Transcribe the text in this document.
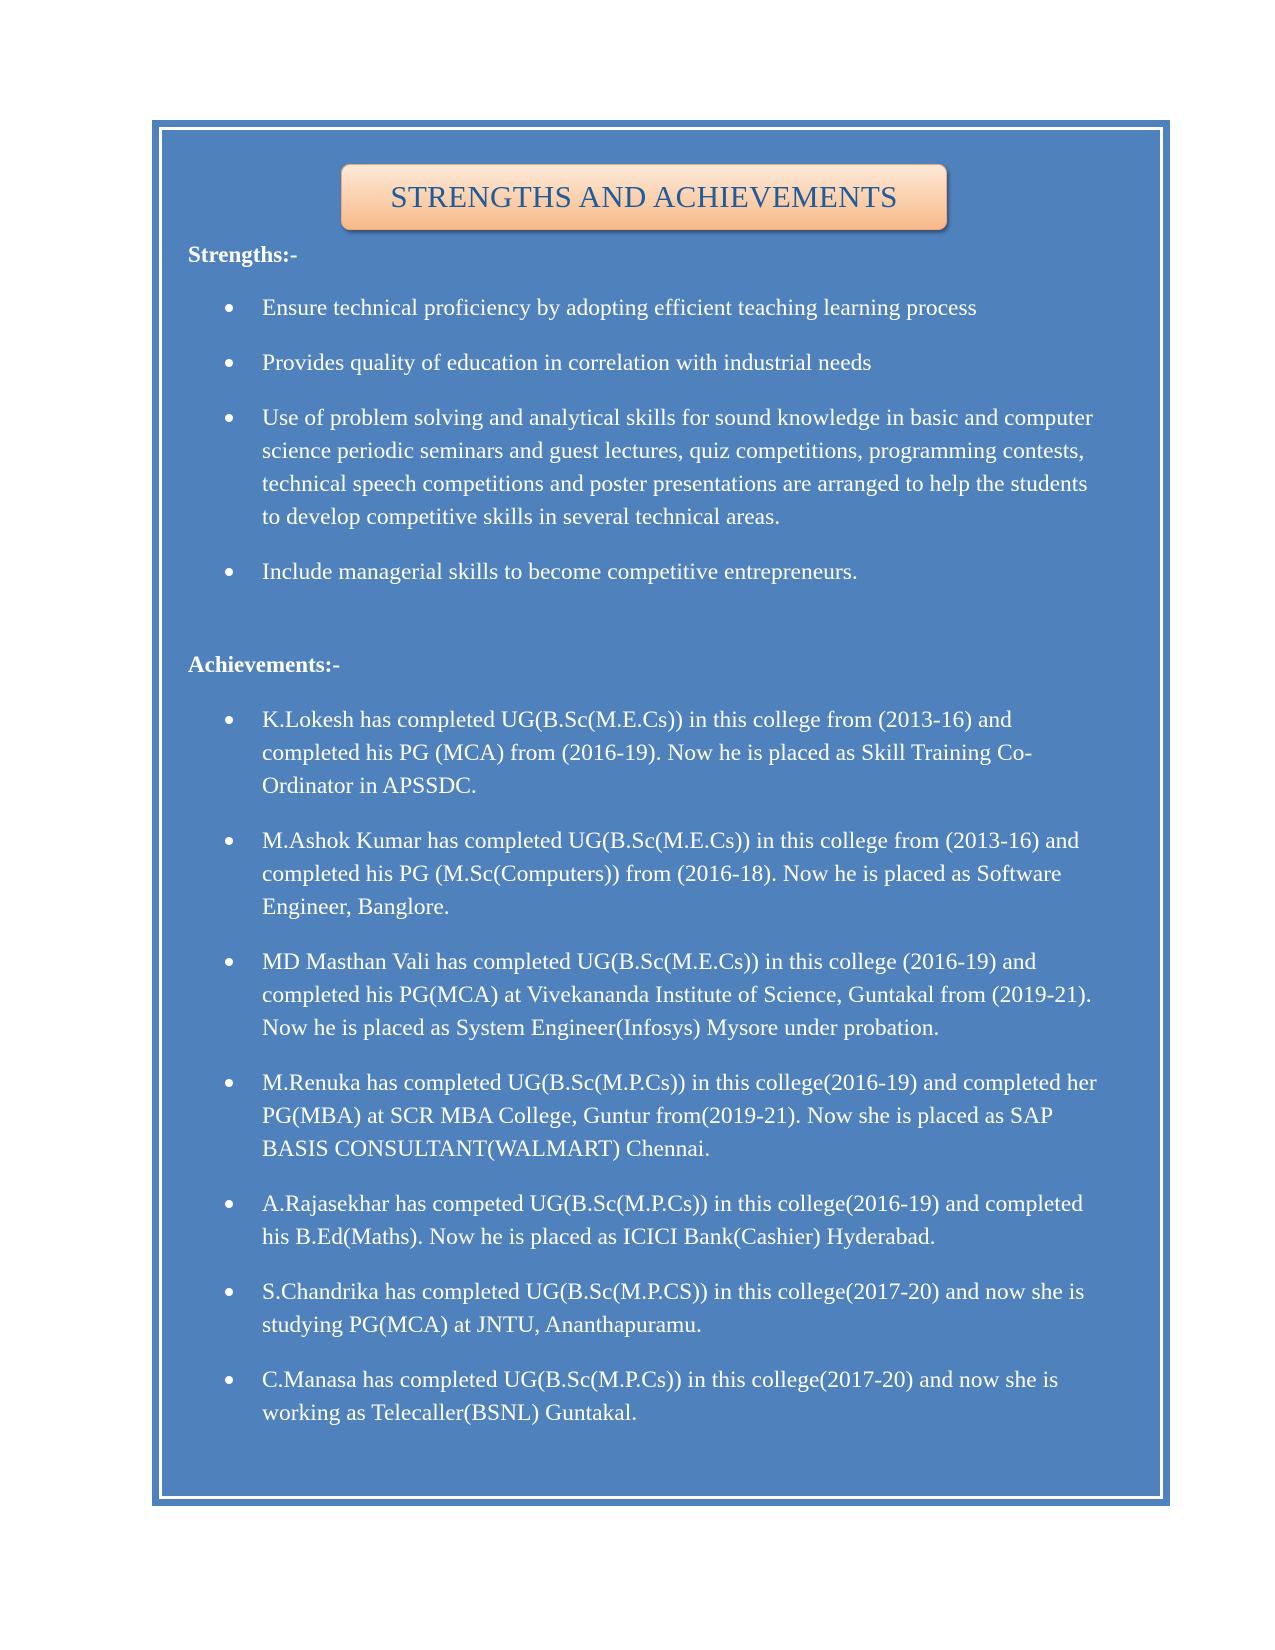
STRENGTHS AND ACHIEVEMENTS
Strengths:-
Ensure technical proficiency by adopting efficient teaching learning process
Provides quality of education in correlation with industrial needs
Use of problem solving and analytical skills for sound knowledge in basic and computer science periodic seminars and guest lectures, quiz competitions, programming contests, technical speech competitions and poster presentations are arranged to help the students to develop competitive skills in several technical areas.
Include managerial skills to become competitive entrepreneurs.
Achievements:-
K.Lokesh has completed UG(B.Sc(M.E.Cs)) in this college from (2013-16) and completed his PG (MCA) from (2016-19). Now he is placed as Skill Training Co-Ordinator in APSSDC.
M.Ashok Kumar has completed UG(B.Sc(M.E.Cs)) in this college from (2013-16) and completed his PG (M.Sc(Computers)) from (2016-18). Now he is placed as Software Engineer, Banglore.
MD Masthan Vali has completed UG(B.Sc(M.E.Cs)) in this college (2016-19) and completed his PG(MCA) at Vivekananda Institute of Science, Guntakal from (2019-21). Now he is placed as System Engineer(Infosys) Mysore under probation.
M.Renuka has completed UG(B.Sc(M.P.Cs)) in this college(2016-19) and completed her PG(MBA) at SCR MBA College, Guntur from(2019-21). Now she is placed as SAP BASIS CONSULTANT(WALMART) Chennai.
A.Rajasekhar has competed UG(B.Sc(M.P.Cs)) in this college(2016-19) and completed his B.Ed(Maths). Now he is placed as ICICI Bank(Cashier) Hyderabad.
S.Chandrika has completed UG(B.Sc(M.P.CS)) in this college(2017-20) and now she is studying PG(MCA) at JNTU, Ananthapuramu.
C.Manasa has completed UG(B.Sc(M.P.Cs)) in this college(2017-20) and now she is working as Telecaller(BSNL) Guntakal.
